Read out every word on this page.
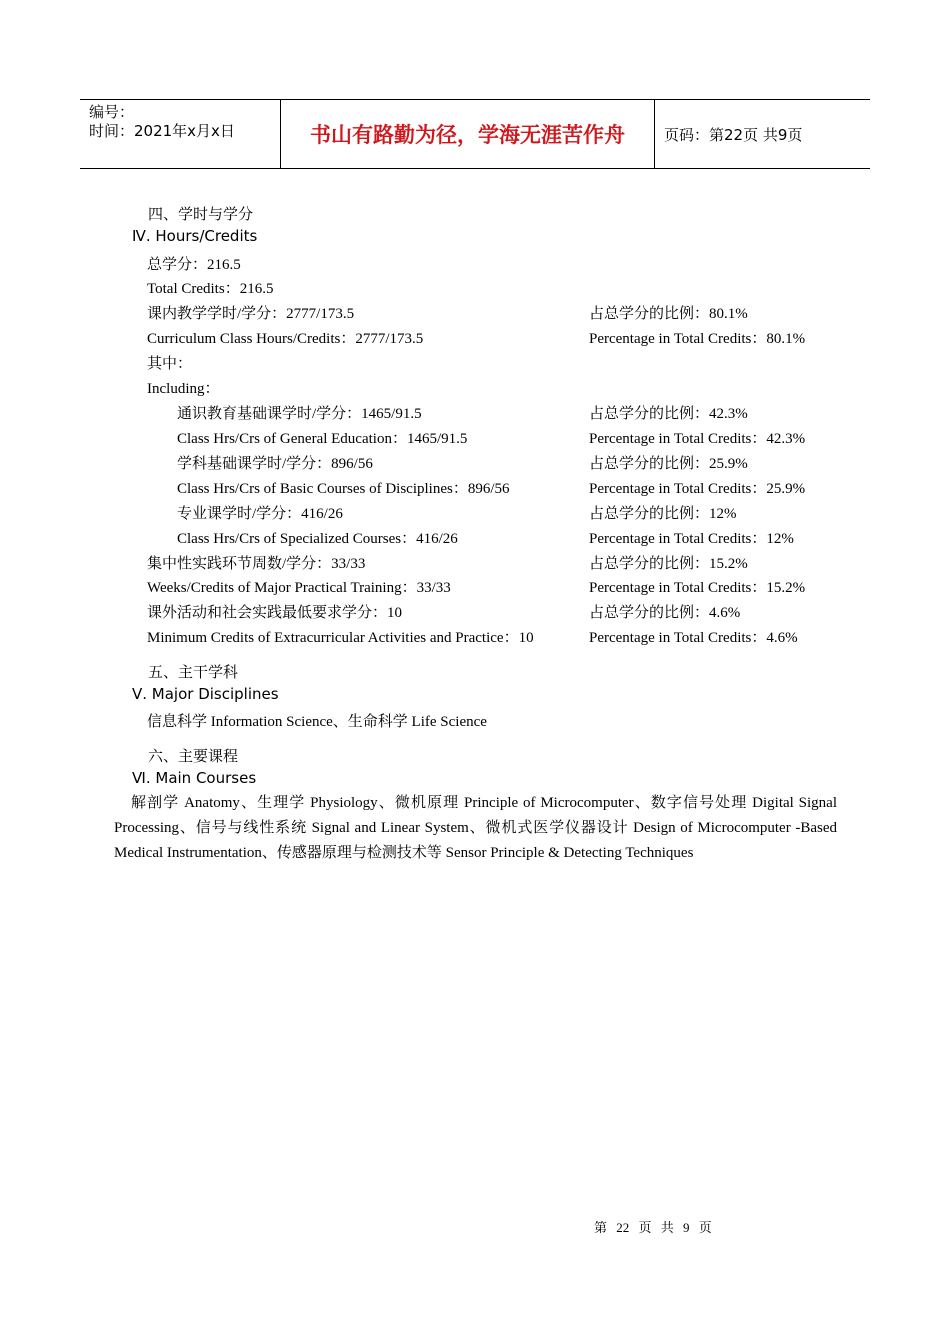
编号：
时间：2021年x月x日	书山有路勤为径，学海无涯苦作舟	页码：第22页 共9页
四、学时与学分
Ⅳ. Hours/Credits
总学分：216.5
Total Credits：216.5
课内教学学时/学分：2777/173.5	占总学分的比例：80.1%
Curriculum Class Hours/Credits：2777/173.5	Percentage in Total Credits：80.1%
其中：
Including：
通识教育基础课学时/学分：1465/91.5	占总学分的比例：42.3%
Class Hrs/Crs of General Education：1465/91.5	Percentage in Total Credits：42.3%
学科基础课学时/学分：896/56	占总学分的比例：25.9%
Class Hrs/Crs of Basic Courses of Disciplines：896/56	Percentage in Total Credits：25.9%
专业课学时/学分：416/26	占总学分的比例：12%
Class Hrs/Crs of Specialized Courses：416/26	Percentage in Total Credits：12%
集中性实践环节周数/学分：33/33	占总学分的比例：15.2%
Weeks/Credits of Major Practical Training：33/33	Percentage in Total Credits：15.2%
课外活动和社会实践最低要求学分：10	占总学分的比例：4.6%
Minimum Credits of Extracurricular Activities and Practice：10	Percentage in Total Credits：4.6%
五、主干学科
Ⅴ. Major Disciplines
信息科学 Information Science、生命科学 Life Science
六、主要课程
Ⅵ. Main Courses
解剖学 Anatomy、生理学 Physiology、微机原理 Principle of Microcomputer、数字信号处理 Digital Signal Processing、信号与线性系统 Signal and Linear System、微机式医学仪器设计 Design of Microcomputer -Based Medical Instrumentation、传感器原理与检测技术等 Sensor Principle & Detecting Techniques
第 22 页 共 9 页
